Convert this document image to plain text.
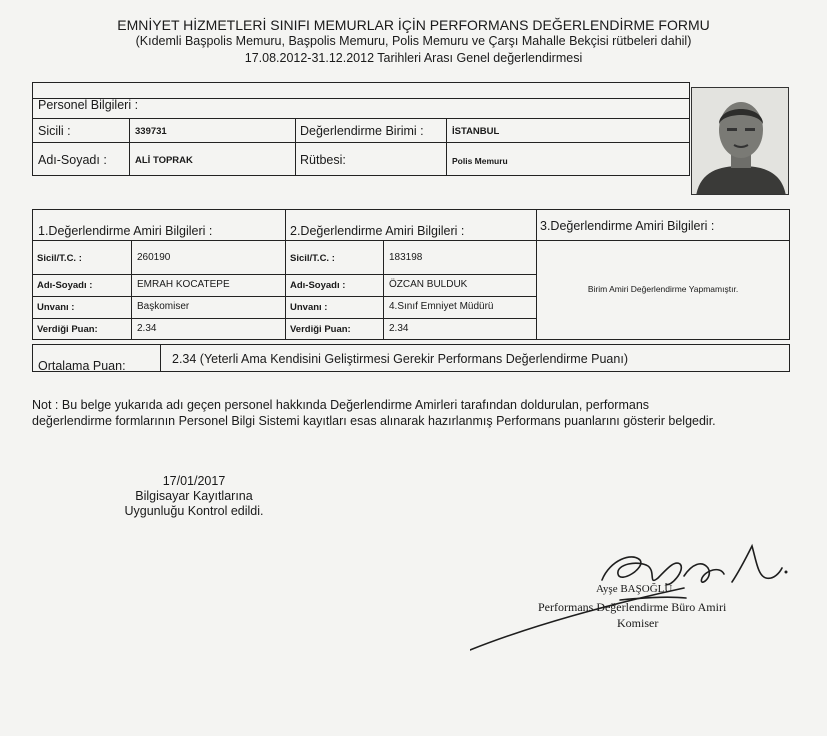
EMNİYET HİZMETLERİ SINIFI MEMURLAR İÇİN PERFORMANS DEĞERLENDİRME FORMU
(Kıdemli Başpolis Memuru, Başpolis Memuru, Polis Memuru ve Çarşı Mahalle Bekçisi rütbeleri dahil)
17.08.2012-31.12.2012 Tarihleri Arası Genel değerlendirmesi
Personel Bilgileri :
Sicili :	339731	Değerlendirme Birimi :	İSTANBUL
Adı-Soyadı :	ALİ TOPRAK	Rütbesi:	Polis Memuru
1.Değerlendirme Amiri Bilgileri :
Sicil/T.C. :	260190
Adı-Soyadı :	EMRAH KOCATEPE
Unvanı :	Başkomiser
Verdiği Puan:	2.34
2.Değerlendirme Amiri Bilgileri :
Sicil/T.C. :	183198
Adı-Soyadı :	ÖZCAN BULDUK
Unvanı :	4.Sınıf Emniyet Müdürü
Verdiği Puan:	2.34
3.Değerlendirme Amiri Bilgileri :
Birim Amiri Değerlendirme Yapmamıştır.
Ortalama Puan:	2.34 (Yeterli Ama Kendisini Geliştirmesi Gerekir Performans Değerlendirme Puanı)
Not : Bu belge yukarıda adı geçen personel hakkında Değerlendirme Amirleri tarafından doldurulan, performans
değerlendirme formlarının Personel Bilgi Sistemi kayıtları esas alınarak hazırlanmış Performans puanlarını gösterir belgedir.
17/01/2017
Bilgisayar Kayıtlarına
Uygunluğu Kontrol edildi.
Ayşe BAŞOĞLU
Performans Değerlendirme Büro Amiri
Komiser
